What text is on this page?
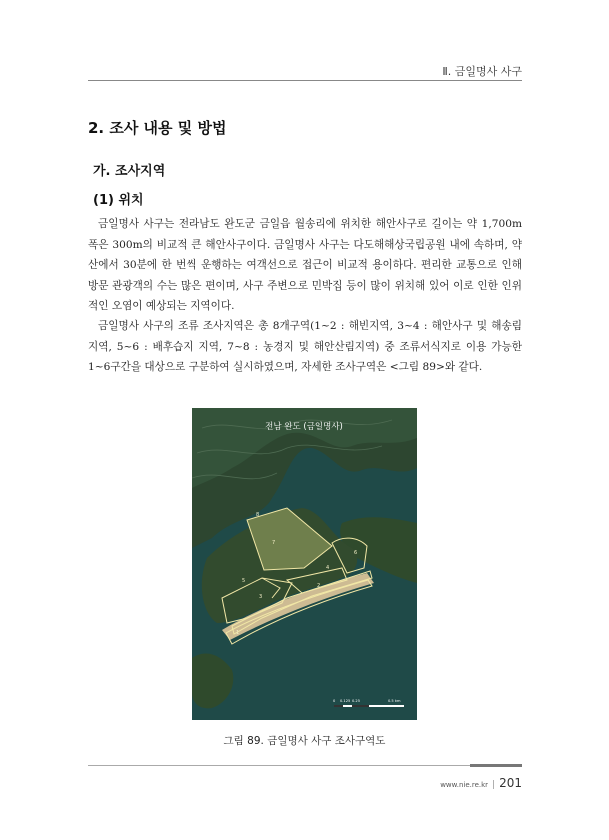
Ⅱ. 금일명사 사구
2. 조사 내용 및 방법
가. 조사지역
(1) 위치

금일명사 사구는 전라남도 완도군 금일읍 월송리에 위치한 해안사구로 길이는 약 1,700m 폭은 300m의 비교적 큰 해안사구이다. 금일명사 사구는 다도해해상국립공원 내에 속하며, 약산에서 30분에 한 번씩 운행하는 여객선으로 접근이 비교적 용이하다. 편리한 교통으로 인해 방문 관광객의 수는 많은 편이며, 사구 주변으로 민박집 등이 많이 위치해 있어 이로 인한 인위적인 오염이 예상되는 지역이다.

금일명사 사구의 조류 조사지역은 총 8개구역(1~2 : 해빈지역, 3~4 : 해안사구 및 해송림 지역, 5~6 : 배후습지 지역, 7~8 : 농경지 및 해안산림지역) 중 조류서식지로 이용 가능한 1~6구간을 대상으로 구분하여 실시하였으며, 자세한 조사구역은 <그림 89>와 같다.

1
2
3
4
5
6
7
8
전남 완도 (금일명사)
0 0.125 0.25	0.5 km
그림 89. 금일명사 사구 조사구역도
www.nie.re.kr | 201
